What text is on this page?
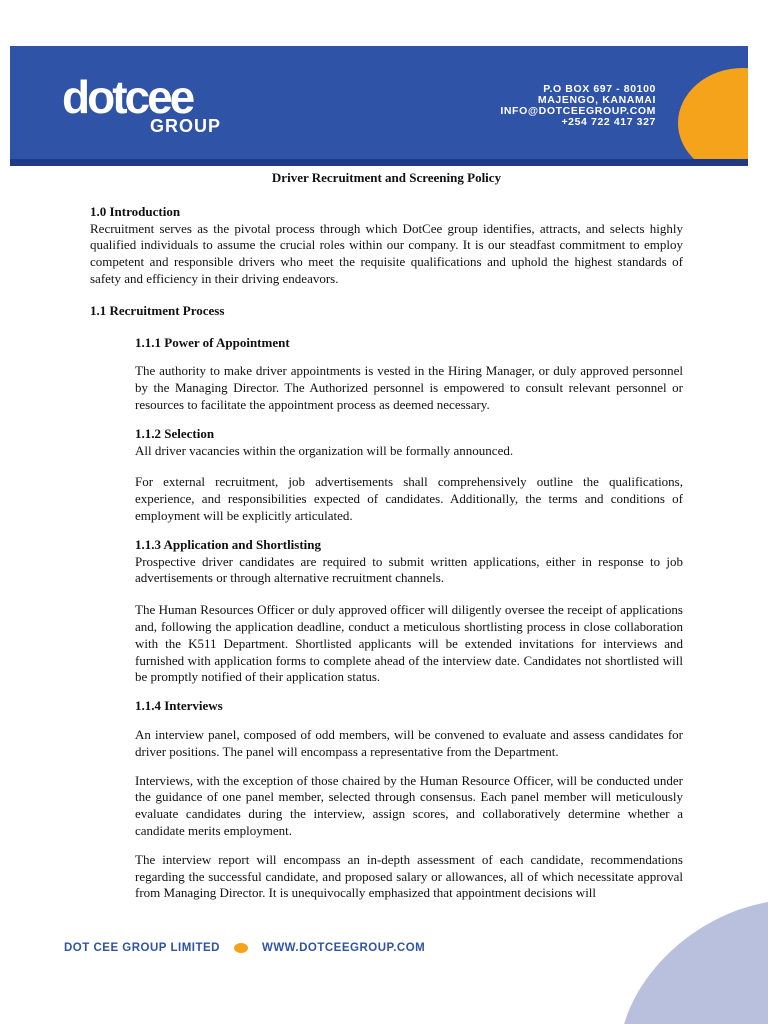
dotcee
GROUP
P.O BOX 697 - 80100
MAJENGO, KANAMAI
INFO@DOTCEEGROUP.COM
+254 722 417 327
Driver Recruitment and Screening Policy
1.0 Introduction
Recruitment serves as the pivotal process through which DotCee group identifies, attracts, and selects highly qualified individuals to assume the crucial roles within our company. It is our steadfast commitment to employ competent and responsible drivers who meet the requisite qualifications and uphold the highest standards of safety and efficiency in their driving endeavors.
1.1 Recruitment Process
1.1.1 Power of Appointment
The authority to make driver appointments is vested in the Hiring Manager, or duly approved personnel by the Managing Director. The Authorized personnel is empowered to consult relevant personnel or resources to facilitate the appointment process as deemed necessary.
1.1.2 Selection
All driver vacancies within the organization will be formally announced.
For external recruitment, job advertisements shall comprehensively outline the qualifications, experience, and responsibilities expected of candidates. Additionally, the terms and conditions of employment will be explicitly articulated.
1.1.3 Application and Shortlisting
Prospective driver candidates are required to submit written applications, either in response to job advertisements or through alternative recruitment channels.
The Human Resources Officer or duly approved officer will diligently oversee the receipt of applications and, following the application deadline, conduct a meticulous shortlisting process in close collaboration with the K511 Department. Shortlisted applicants will be extended invitations for interviews and furnished with application forms to complete ahead of the interview date. Candidates not shortlisted will be promptly notified of their application status.
1.1.4 Interviews
An interview panel, composed of odd members, will be convened to evaluate and assess candidates for driver positions. The panel will encompass a representative from the Department.
Interviews, with the exception of those chaired by the Human Resource Officer, will be conducted under the guidance of one panel member, selected through consensus. Each panel member will meticulously evaluate candidates during the interview, assign scores, and collaboratively determine whether a candidate merits employment.
The interview report will encompass an in-depth assessment of each candidate, recommendations regarding the successful candidate, and proposed salary or allowances, all of which necessitate approval from Managing Director. It is unequivocally emphasized that appointment decisions will
DOT CEE GROUP LIMITED	WWW.DOTCEEGROUP.COM
